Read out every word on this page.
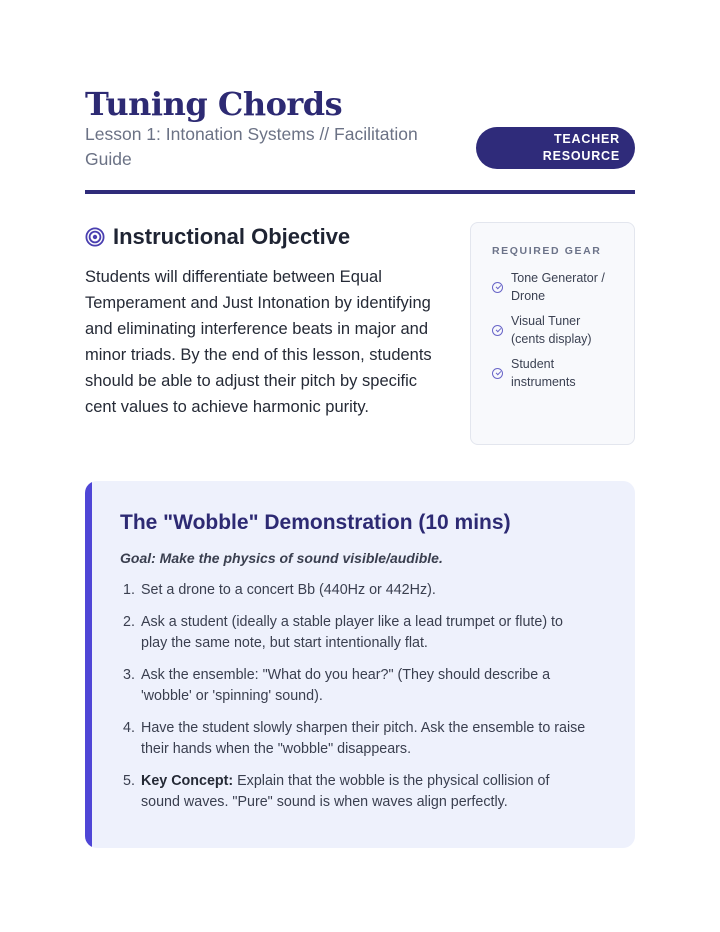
Tuning Chords
Lesson 1: Intonation Systems // Facilitation Guide
TEACHER
RESOURCE
Instructional Objective

Students will differentiate between Equal Temperament and Just Intonation by identifying and eliminating interference beats in major and minor triads. By the end of this lesson, students should be able to adjust their pitch by specific cent values to achieve harmonic purity.

REQUIRED GEAR
Tone Generator /
Drone
Visual Tuner
(cents display)
Student
instruments
The "Wobble" Demonstration (10 mins)

Goal: Make the physics of sound visible/audible.

1. Set a drone to a concert Bb (440Hz or 442Hz).
2. Ask a student (ideally a stable player like a lead trumpet or flute) to play the same note, but start intentionally flat.
3. Ask the ensemble: "What do you hear?" (They should describe a 'wobble' or 'spinning' sound).
4. Have the student slowly sharpen their pitch. Ask the ensemble to raise their hands when the "wobble" disappears.
5. Key Concept: Explain that the wobble is the physical collision of sound waves. "Pure" sound is when waves align perfectly.
